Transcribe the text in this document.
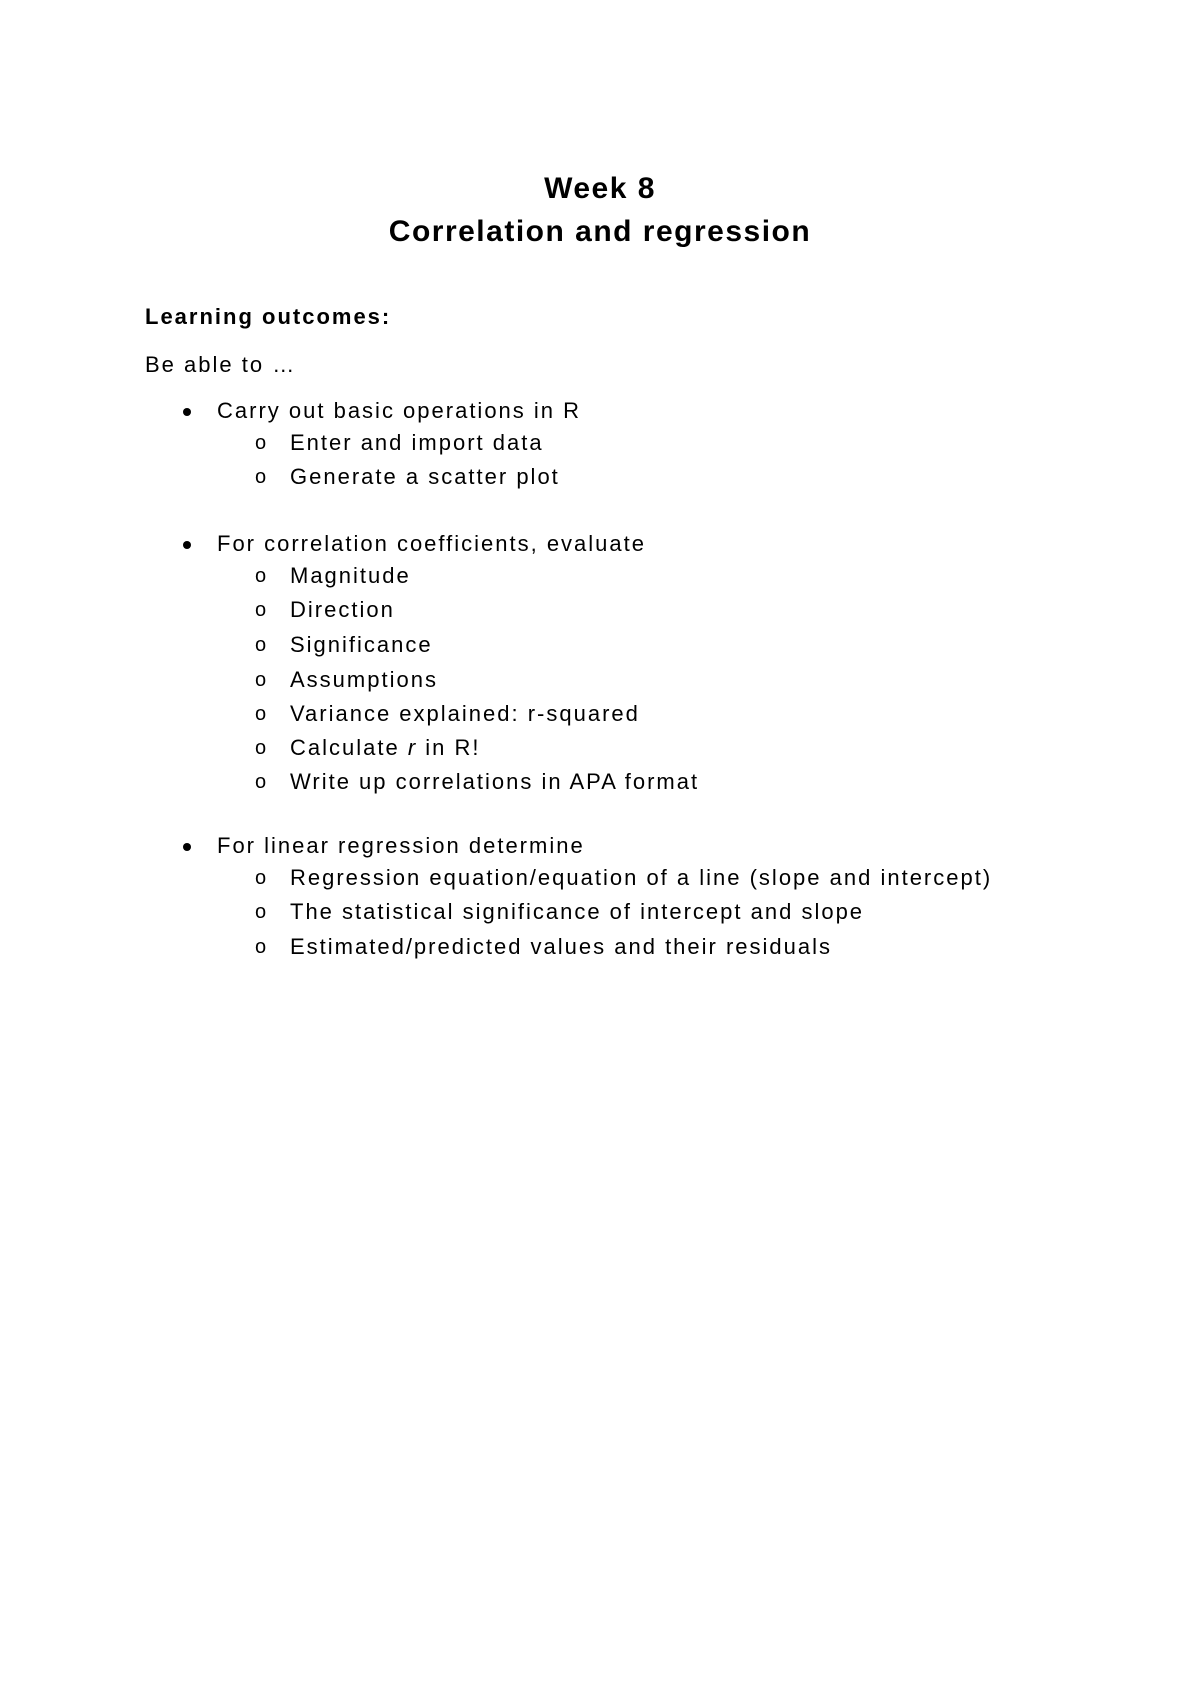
Week 8
Correlation and regression
Learning outcomes:
Be able to …
Carry out basic operations in R
o Enter and import data
o Generate a scatter plot
For correlation coefficients, evaluate
o Magnitude
o Direction
o Significance
o Assumptions
o Variance explained: r-squared
o Calculate r in R!
o Write up correlations in APA format
For linear regression determine
o Regression equation/equation of a line (slope and intercept)
o The statistical significance of intercept and slope
o Estimated/predicted values and their residuals
